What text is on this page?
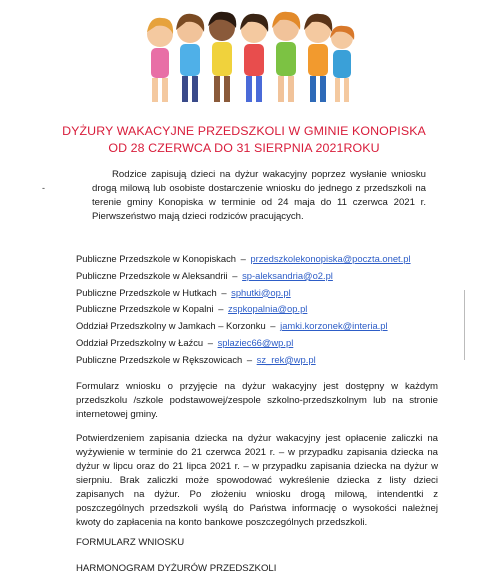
DYŻURY WAKACYJNE PRZEDSZKOLI W GMINIE KONOPISKA
OD 28 CZERWCA DO 31 SIERPNIA 2021ROKU
-

Rodzice zapisują dzieci na dyżur wakacyjny poprzez wysłanie wniosku drogą milową lub osobiste dostarczenie wniosku do jednego z przedszkoli na terenie gminy Konopiska w terminie od 24 maja do 11 czerwca 2021 r. Pierwszeństwo mają dzieci rodziców pracujących.

Publiczne Przedszkole w Konopiskach – przedszkolekonopiska@poczta.onet.pl
Publiczne Przedszkole w Aleksandrii – sp-aleksandria@o2.pl
Publiczne Przedszkole w Hutkach – sphutki@op.pl
Publiczne Przedszkole w Kopalni – zspkopalnia@op.pl
Oddział Przedszkolny w Jamkach – Korzonku – jamki.korzonek@interia.pl
Oddział Przedszkolny w Łaźcu – splaziec66@wp.pl
Publiczne Przedszkole w Rększowicach – sz_rek@wp.pl

Formularz wniosku o przyjęcie na dyżur wakacyjny jest dostępny w każdym przedszkolu /szkole podstawowej/zespole szkolno-przedszkolnym lub na stronie internetowej gminy.

Potwierdzeniem zapisania dziecka na dyżur wakacyjny jest opłacenie zaliczki na wyżywienie w terminie do 21 czerwca 2021 r. – w przypadku zapisania dziecka na dyżur w lipcu oraz do 21 lipca 2021 r. – w przypadku zapisania dziecka na dyżur w sierpniu. Brak zaliczki może spowodować wykreślenie dziecka z listy dzieci zapisanych na dyżur. Po złożeniu wniosku drogą milową, intendentki z poszczególnych przedszkoli wyślą do Państwa informację o wysokości należnej kwoty do zapłacenia na konto bankowe poszczególnych przedszkoli.

FORMULARZ WNIOSKU
HARMONOGRAM DYŻURÓW PRZEDSZKOLI
